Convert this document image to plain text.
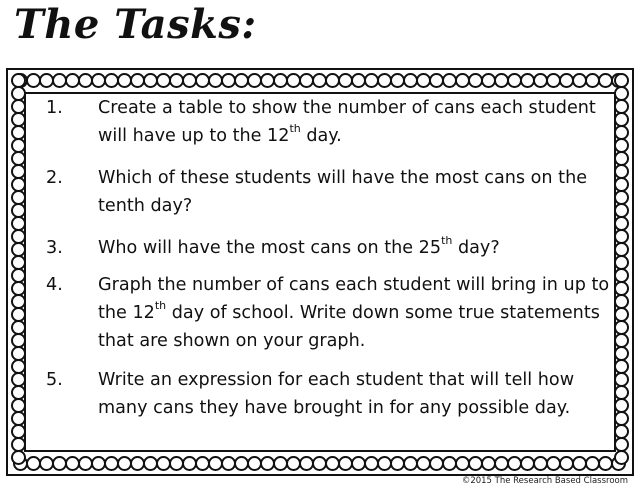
The Tasks:
1.	Create a table to show the number of cans each student
will have up to the 12th day.
2.	Which of these students will have the most cans on the
tenth day?
3.	Who will have the most cans on the 25th day?
4.	Graph the number of cans each student will bring in up to
the 12th day of school. Write down some true statements
that are shown on your graph.
5.	Write an expression for each student that will tell how
many cans they have brought in for any possible day.
©2015 The Research Based Classroom
